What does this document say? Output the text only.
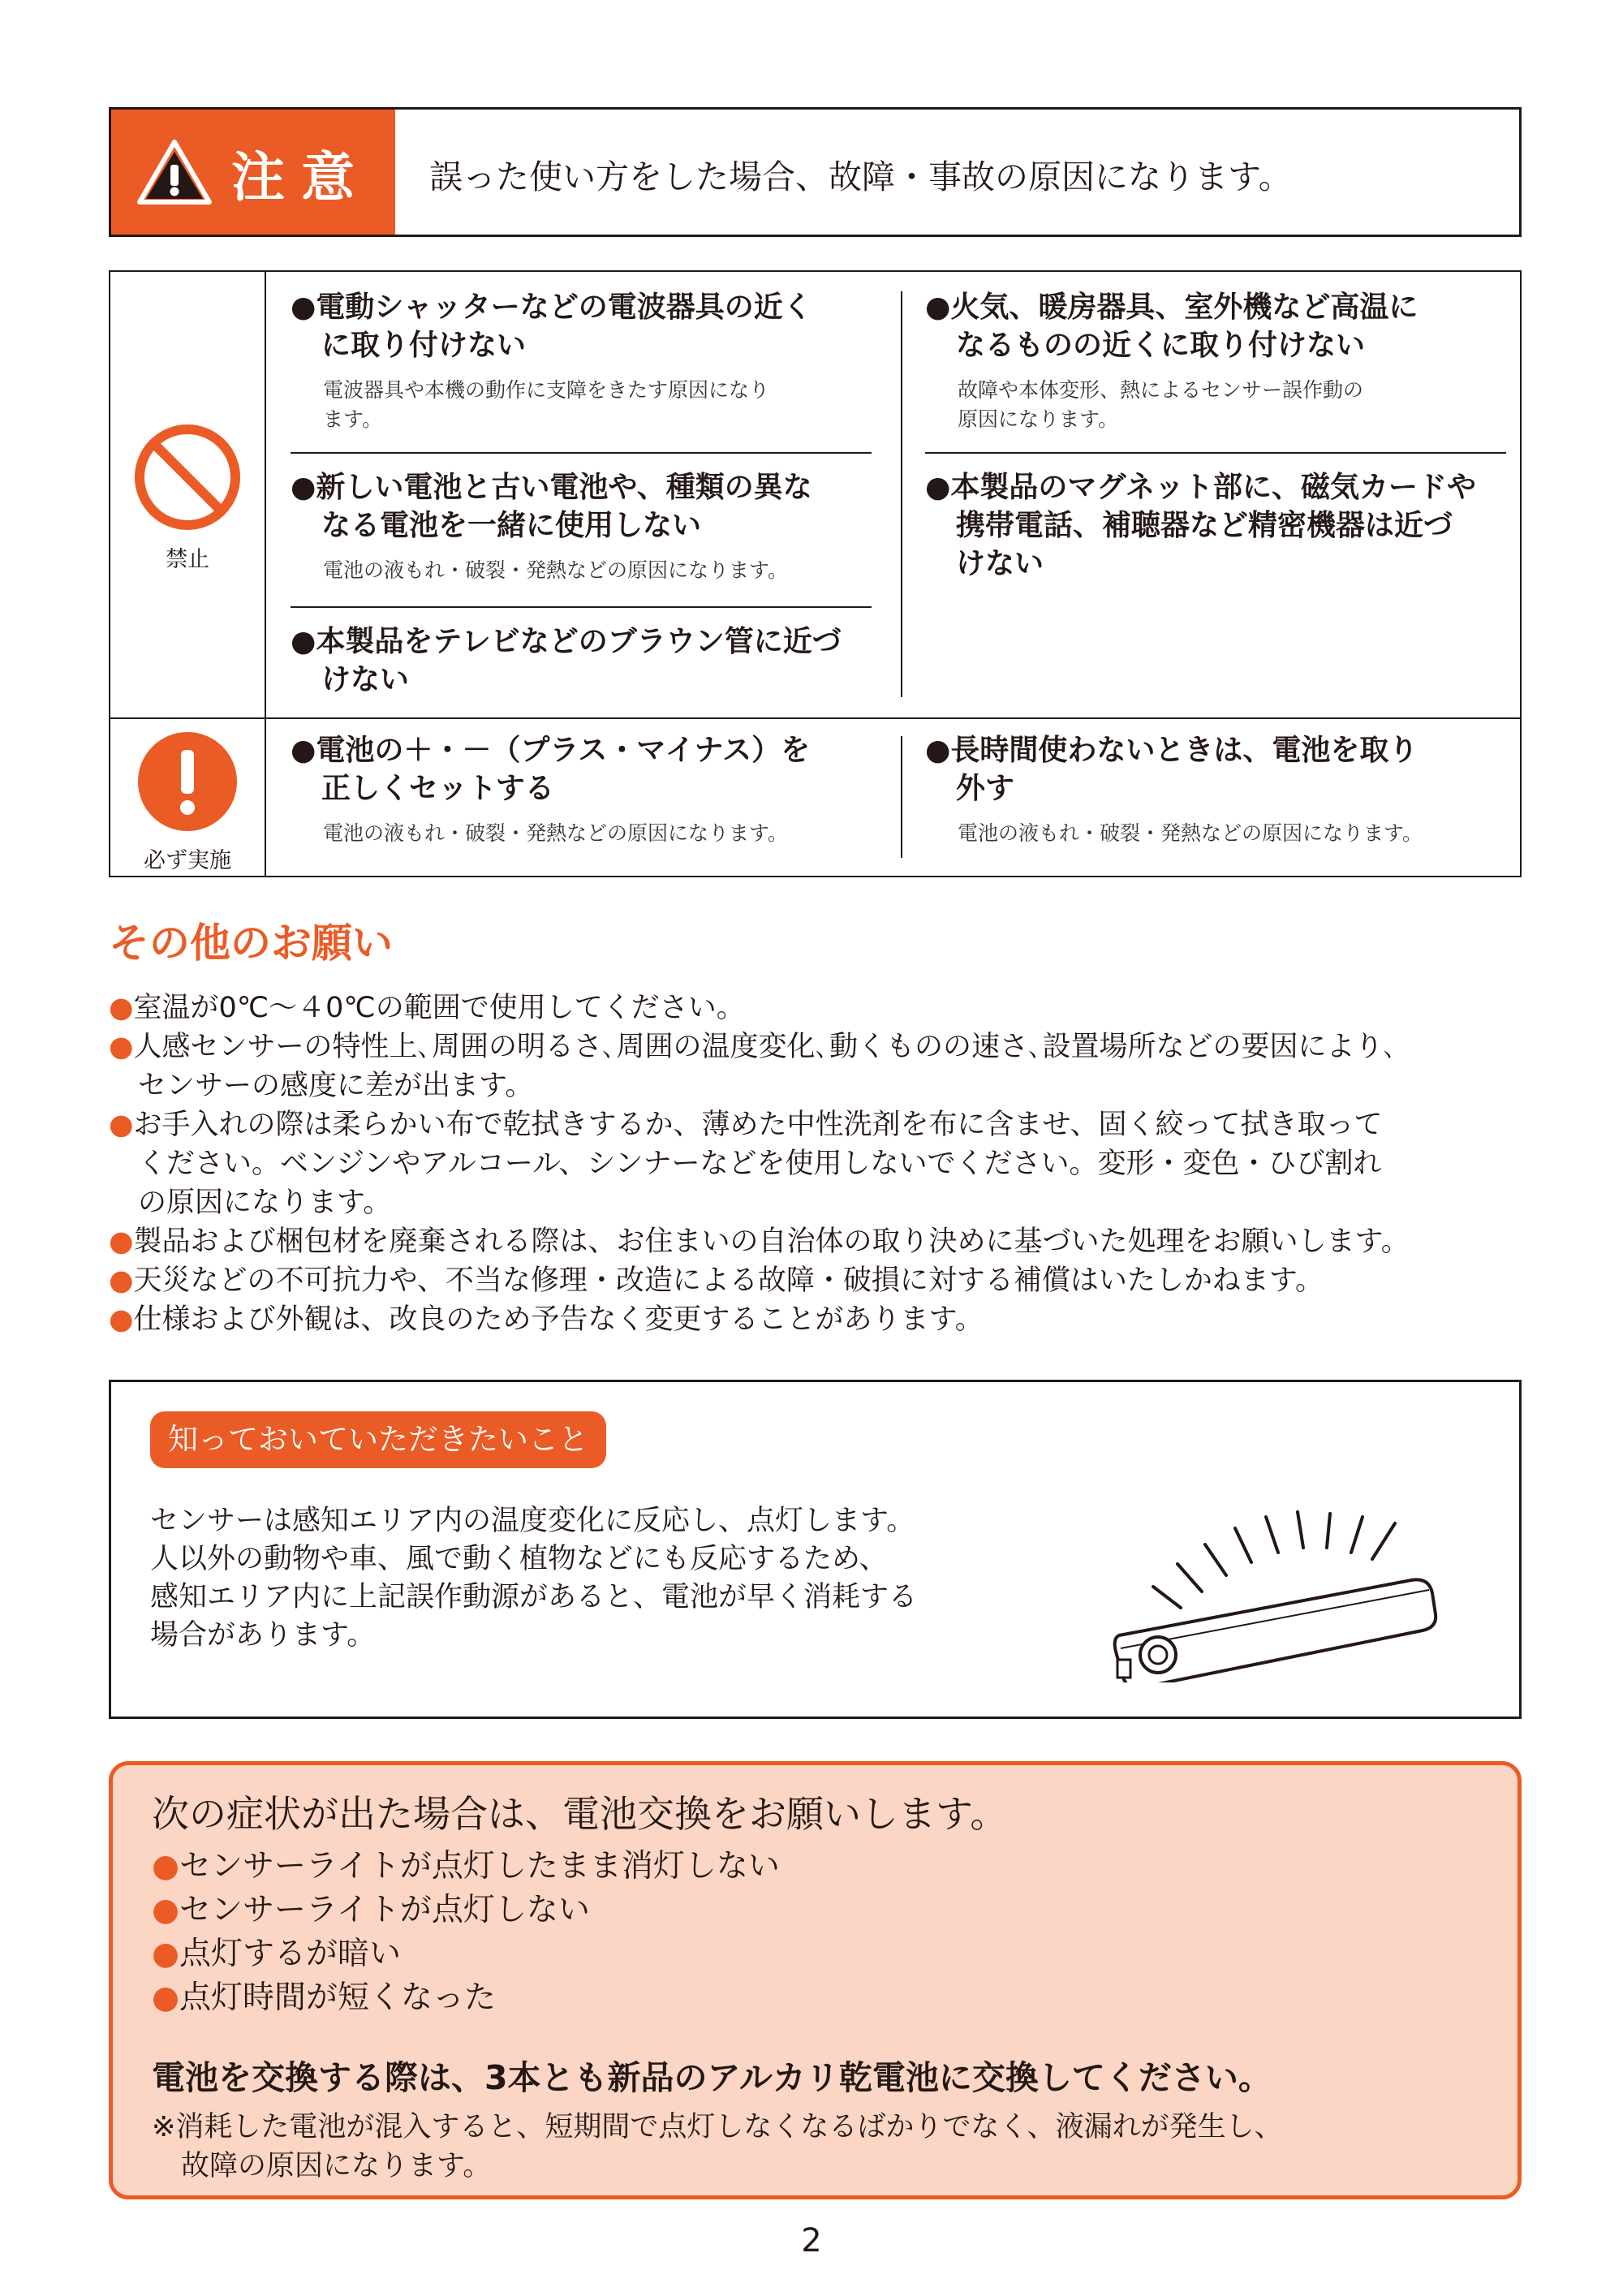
注意 誤った使い方をした場合、故障・事故の原因になります。
禁止
必ず実施
●電動シャッターなどの電波器具の近く
に取り付けない
電波器具や本機の動作に支障をきたす原因になり
ます。
●新しい電池と古い電池や、種類の異な
なる電池を一緒に使用しない
電池の液もれ・破裂・発熱などの原因になります。
●本製品をテレビなどのブラウン管に近づ
けない
●火気、暖房器具、室外機など高温に
なるものの近くに取り付けない
故障や本体変形、熱によるセンサー誤作動の
原因になります。
●本製品のマグネット部に、磁気カードや
携帯電話、補聴器など精密機器は近づ
けない
●電池の＋・－（プラス・マイナス）を
正しくセットする
電池の液もれ・破裂・発熱などの原因になります。
●長時間使わないときは、電池を取り
外す
電池の液もれ・破裂・発熱などの原因になります。
その他のお願い
●室温が0℃～４0℃の範囲で使用してください。
●人感センサーの特性上､周囲の明るさ､周囲の温度変化､動くものの速さ､設置場所などの要因により､
センサーの感度に差が出ます。
●お手入れの際は柔らかい布で乾拭きするか、薄めた中性洗剤を布に含ませ、固く絞って拭き取って
ください。ベンジンやアルコール、シンナーなどを使用しないでください。変形・変色・ひび割れ
の原因になります。
●製品および梱包材を廃棄される際は、お住まいの自治体の取り決めに基づいた処理をお願いします。
●天災などの不可抗力や、不当な修理・改造による故障・破損に対する補償はいたしかねます。
●仕様および外観は、改良のため予告なく変更することがあります。
知っておいていただきたいこと
センサーは感知エリア内の温度変化に反応し、点灯します。
人以外の動物や車、風で動く植物などにも反応するため、
感知エリア内に上記誤作動源があると、電池が早く消耗する
場合があります。
次の症状が出た場合は、電池交換をお願いします。
●センサーライトが点灯したまま消灯しない
●センサーライトが点灯しない
●点灯するが暗い
●点灯時間が短くなった
電池を交換する際は、3本とも新品のアルカリ乾電池に交換してください。
※消耗した電池が混入すると、短期間で点灯しなくなるばかりでなく、液漏れが発生し、
故障の原因になります。
2
